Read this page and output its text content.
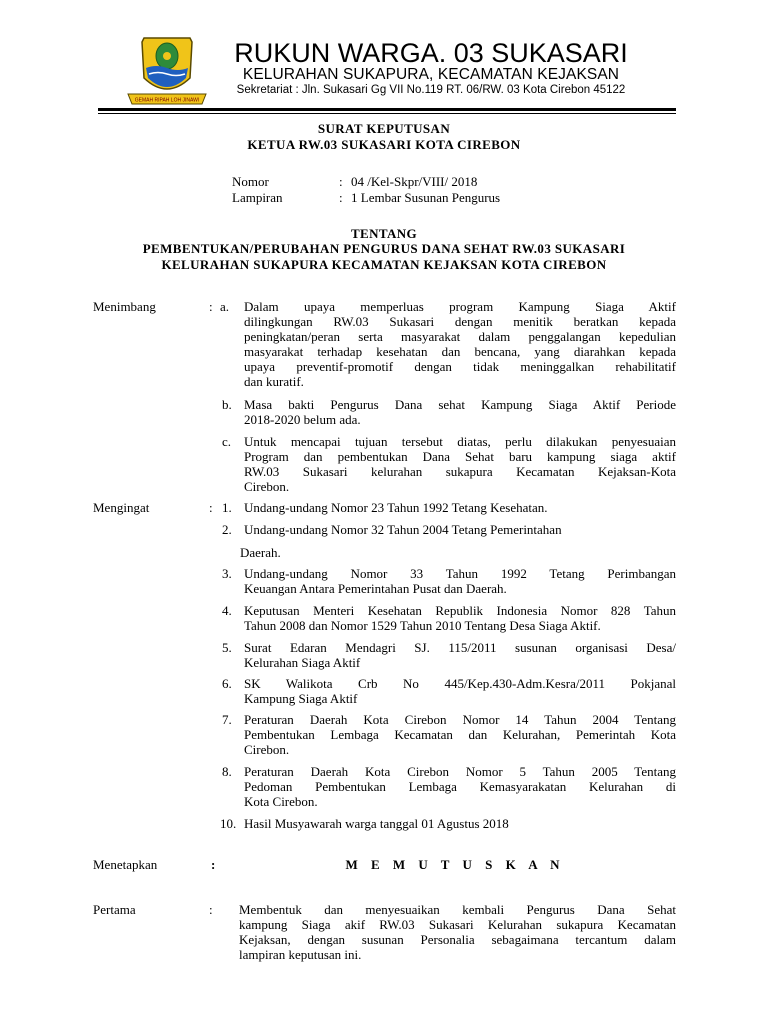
GEMAH RIPAH LOH JINAWI
RUKUN WARGA. 03 SUKASARI
KELURAHAN SUKAPURA, KECAMATAN KEJAKSAN
Sekretariat : Jln. Sukasari Gg VII No.119 RT. 06/RW. 03 Kota Cirebon 45122
SURAT KEPUTUSAN
KETUA RW.03 SUKASARI KOTA CIREBON
Nomor	: 04 /Kel-Skpr/VIII/ 2018
Lampiran	: 1 Lembar Susunan Pengurus
TENTANG
PEMBENTUKAN/PERUBAHAN PENGURUS DANA SEHAT RW.03 SUKASARI
KELURAHAN SUKAPURA KECAMATAN KEJAKSAN KOTA CIREBON
Menimbang	: a. Dalam upaya memperluas program Kampung Siaga Aktif
dilingkungan RW.03 Sukasari dengan menitik beratkan kepada
peningkatan/peran serta masyarakat dalam penggalangan kepedulian
masyarakat terhadap kesehatan dan bencana, yang diarahkan kepada
upaya preventif-promotif dengan tidak meninggalkan rehabilitatif
dan kuratif.
b. Masa bakti Pengurus Dana sehat Kampung Siaga Aktif Periode
2018-2020 belum ada.
c. Untuk mencapai tujuan tersebut diatas, perlu dilakukan penyesuaian
Program dan pembentukan Dana Sehat baru kampung siaga aktif
RW.03 Sukasari kelurahan sukapura Kecamatan Kejaksan-Kota
Cirebon.
Mengingat	: 1. Undang-undang Nomor 23 Tahun 1992 Tetang Kesehatan.
2. Undang-undang Nomor 32 Tahun 2004 Tetang Pemerintahan
Daerah.
3. Undang-undang Nomor 33 Tahun 1992 Tetang Perimbangan
Keuangan Antara Pemerintahan Pusat dan Daerah.
4. Keputusan Menteri Kesehatan Republik Indonesia Nomor 828 Tahun
Tahun 2008 dan Nomor 1529 Tahun 2010 Tentang Desa Siaga Aktif.
5. Surat Edaran Mendagri SJ. 115/2011 susunan organisasi Desa/
Kelurahan Siaga Aktif
6. SK Walikota Crb No 445/Kep.430-Adm.Kesra/2011 Pokjanal
Kampung Siaga Aktif
7. Peraturan Daerah Kota Cirebon Nomor 14 Tahun 2004 Tentang
Pembentukan Lembaga Kecamatan dan Kelurahan, Pemerintah Kota
Cirebon.
8. Peraturan Daerah Kota Cirebon Nomor 5 Tahun 2005 Tentang
Pedoman Pembentukan Lembaga Kemasyarakatan Kelurahan di
Kota Cirebon.
10. Hasil Musyawarah warga tanggal 01 Agustus 2018
Menetapkan	:	M E M U T U S K A N
Pertama	: Membentuk dan menyesuaikan kembali Pengurus Dana Sehat
kampung Siaga akif RW.03 Sukasari Kelurahan sukapura Kecamatan
Kejaksan, dengan susunan Personalia sebagaimana tercantum dalam
lampiran keputusan ini.
